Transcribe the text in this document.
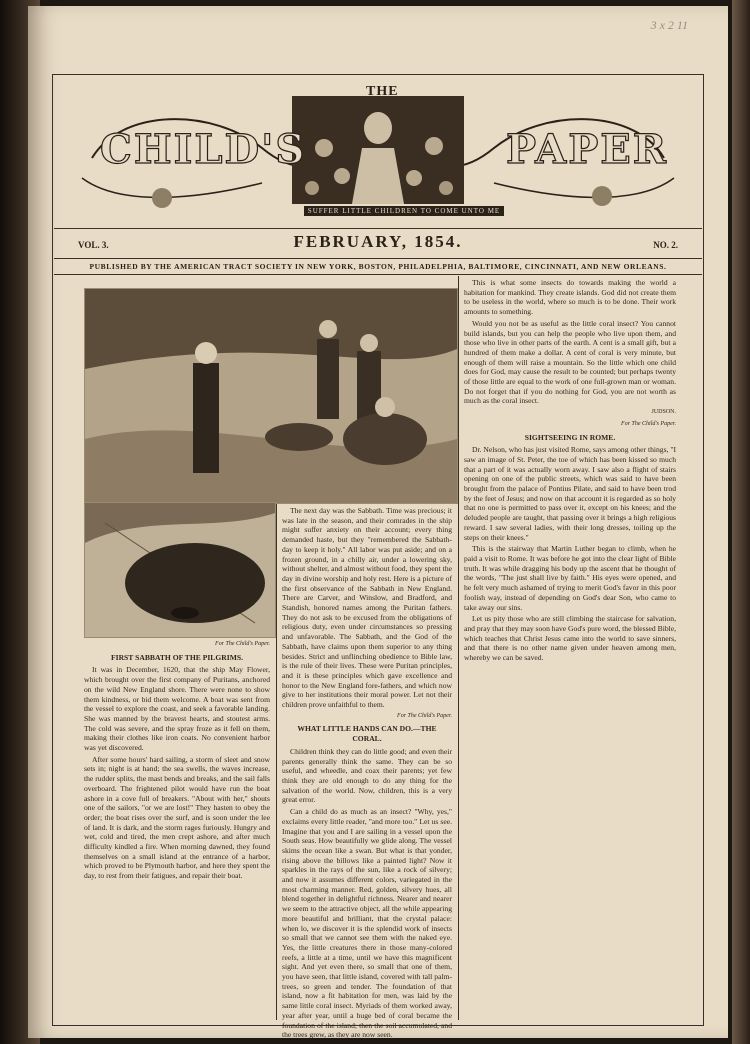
3 x 2 11
THE
CHILD'S	PAPER
SUFFER LITTLE CHILDREN TO COME UNTO ME
VOL. 3.	FEBRUARY, 1854.	NO. 2.
PUBLISHED BY THE AMERICAN TRACT SOCIETY IN NEW YORK, BOSTON, PHILADELPHIA, BALTIMORE, CINCINNATI, AND NEW ORLEANS.
For The Child's Paper.
FIRST SABBATH OF THE PILGRIMS.

It was in December, 1620, that the ship May Flower, which brought over the first company of Puritans, anchored on the wild New England shore. There were none to show them kindness, or bid them welcome. A boat was sent from the vessel to explore the coast, and seek a favorable landing. She was manned by the bravest hearts, and stoutest arms. The cold was severe, and the spray froze as it fell on them, making their clothes like iron coats. No convenient harbor was yet discovered.

After some hours' hard sailing, a storm of sleet and snow sets in; night is at hand; the sea swells, the waves increase, the rudder splits, the mast bends and breaks, and the sail falls overboard. The frightened pilot would have run the boat ashore in a cove full of breakers. "About with her," shouts one of the sailors, "or we are lost!" They hasten to obey the order; the boat rises over the surf, and is soon under the lee of land. It is dark, and the storm rages furiously. Hungry and wet, cold and tired, the men crept ashore, and after much difficulty kindled a fire. When morning dawned, they found themselves on a small island at the entrance of a harbor, which proved to be Plymouth harbor, and here they spent the day, to rest from their fatigues, and repair their boat.

The next day was the Sabbath. Time was precious; it was late in the season, and their comrades in the ship might suffer anxiety on their account; every thing demanded haste, but they "remembered the Sabbath-day to keep it holy." All labor was put aside; and on a frozen ground, in a chilly air, under a lowering sky, without shelter, and almost without food, they spent the day in divine worship and holy rest. Here is a picture of the first observance of the Sabbath in New England. There are Carver, and Winslow, and Bradford, and Standish, honored names among the Puritan fathers. They do not ask to be excused from the obligations of religious duty, even under circumstances so pressing and unfavorable. The Sabbath, and the God of the Sabbath, have claims upon them superior to any thing besides. Strict and unflinching obedience to Bible law, is the rule of their lives. These were Puritan principles, and it is these principles which gave excellence and honor to the New England fore-fathers, and which now give to her institutions their moral power. Let not their children prove unfaithful to them.

For The Child's Paper.
WHAT LITTLE HANDS CAN DO.—THE CORAL.

Children think they can do little good; and even their parents generally think the same. They can be so useful, and wheedle, and coax their parents; yet few think they are old enough to do any thing for the salvation of the world. Now, children, this is a very great error.

Can a child do as much as an insect? "Why, yes," exclaims every little reader, "and more too." Let us see. Imagine that you and I are sailing in a vessel upon the South seas. How beautifully we glide along. The vessel skims the ocean like a swan. But what is that yonder, rising above the billows like a painted light? Now it sparkles in the rays of the sun, like a rock of silvery; and now it assumes different colors, variegated in the most charming manner. Red, golden, silvery hues, all blend together in delightful richness. Nearer and nearer we seem to the attractive object, all the while appearing more beautiful and brilliant, that the crystal palace: when lo, we discover it is the splendid work of insects so small that we cannot see them with the naked eye. Yes, the little creatures there in those many-colored reefs, a little at a time, until we have this magnificent sight. And yet even there, so small that one of them, you have seen, that little island, covered with tall palm-trees, so green and tender. The foundation of that island, now a fit habitation for men, was laid by the same little coral insect. Myriads of them worked away, year after year, until a huge bed of coral became the foundation of the island; then the soil accumulated, and the trees grew, as they are now seen.

This is what some insects do towards making the world a habitation for mankind. They create islands. God did not create them to be useless in the world, where so much is to be done. Their work amounts to something.

Would you not be as useful as the little coral insect? You cannot build islands, but you can help the people who live upon them, and those who live in other parts of the earth. A cent is a small gift, but a hundred of them make a dollar. A cent of coral is very minute, but enough of them will raise a mountain. So the little which one child does for God, may cause the result to be counted; but perhaps twenty of those little are equal to the work of one full-grown man or woman. Do not forget that if you do nothing for God, you are not worth as much as the coral insect.

JUDSON.
For The Child's Paper.
SIGHTSEEING IN ROME.

Dr. Nelson, who has just visited Rome, says among other things, "I saw an image of St. Peter, the toe of which has been kissed so much that a part of it was actually worn away. I saw also a flight of stairs opening on one of the public streets, which was said to have been brought from the palace of Pontius Pilate, and said to have been trod by the feet of Jesus; and now on that account it is regarded as so holy that no one is permitted to pass over it, except on his knees; and the deluded people are taught, that passing over it brings a high religious reward. I saw several ladies, with their long dresses, toiling up the steps on their knees."

This is the stairway that Martin Luther began to climb, when he paid a visit to Rome. It was before he got into the clear light of Bible truth. It was while dragging his body up the ascent that he thought of the words, "The just shall live by faith." His eyes were opened, and he felt very much ashamed of trying to merit God's favor in this poor foolish way, instead of depending on God's dear Son, who came to take away our sins.

Let us pity those who are still climbing the staircase for salvation, and pray that they may soon have God's pure word, the blessed Bible, which teaches that Christ Jesus came into the world to save sinners, and that there is no other name given under heaven among men, whereby we can be saved.
